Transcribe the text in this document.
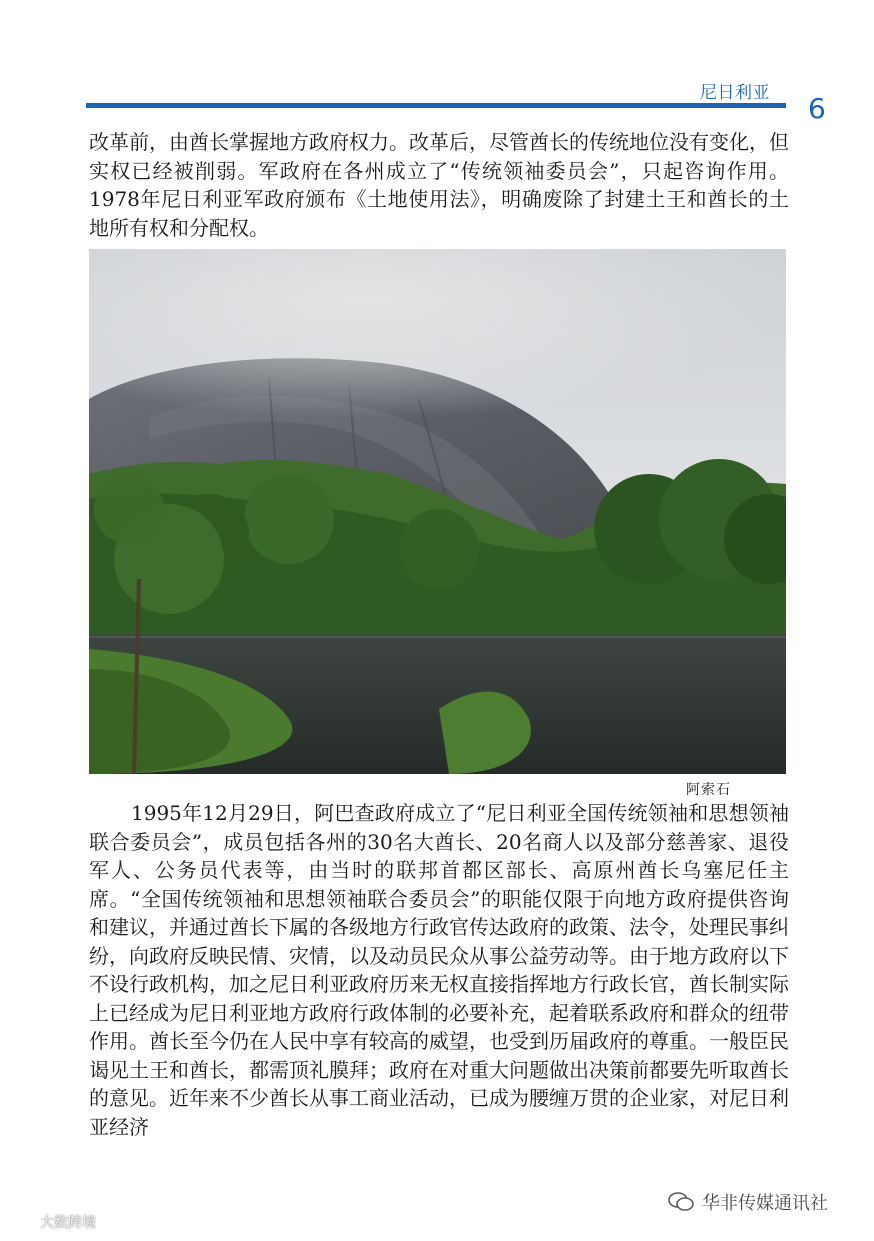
尼日利亚 6

改革前，由酋长掌握地方政府权力。改革后，尽管酋长的传统地位没有变化，但实权已经被削弱。军政府在各州成立了“传统领袖委员会”，只起咨询作用。1978年尼日利亚军政府颁布《土地使用法》，明确废除了封建土王和酋长的土地所有权和分配权。

阿索石

1995年12月29日，阿巴查政府成立了“尼日利亚全国传统领袖和思想领袖联合委员会”，成员包括各州的30名大酋长、20名商人以及部分慈善家、退役军人、公务员代表等，由当时的联邦首都区部长、高原州酋长乌塞尼任主席。“全国传统领袖和思想领袖联合委员会”的职能仅限于向地方政府提供咨询和建议，并通过酋长下属的各级地方行政官传达政府的政策、法令，处理民事纠纷，向政府反映民情、灾情，以及动员民众从事公益劳动等。由于地方政府以下不设行政机构，加之尼日利亚政府历来无权直接指挥地方行政长官，酋长制实际上已经成为尼日利亚地方政府行政体制的必要补充，起着联系政府和群众的纽带作用。酋长至今仍在人民中享有较高的威望，也受到历届政府的尊重。一般臣民谒见土王和酋长，都需顶礼膜拜；政府在对重大问题做出决策前都要先听取酋长的意见。近年来不少酋长从事工商业活动，已成为腰缠万贯的企业家，对尼日利亚经济

大数跨境
华非传媒通讯社
